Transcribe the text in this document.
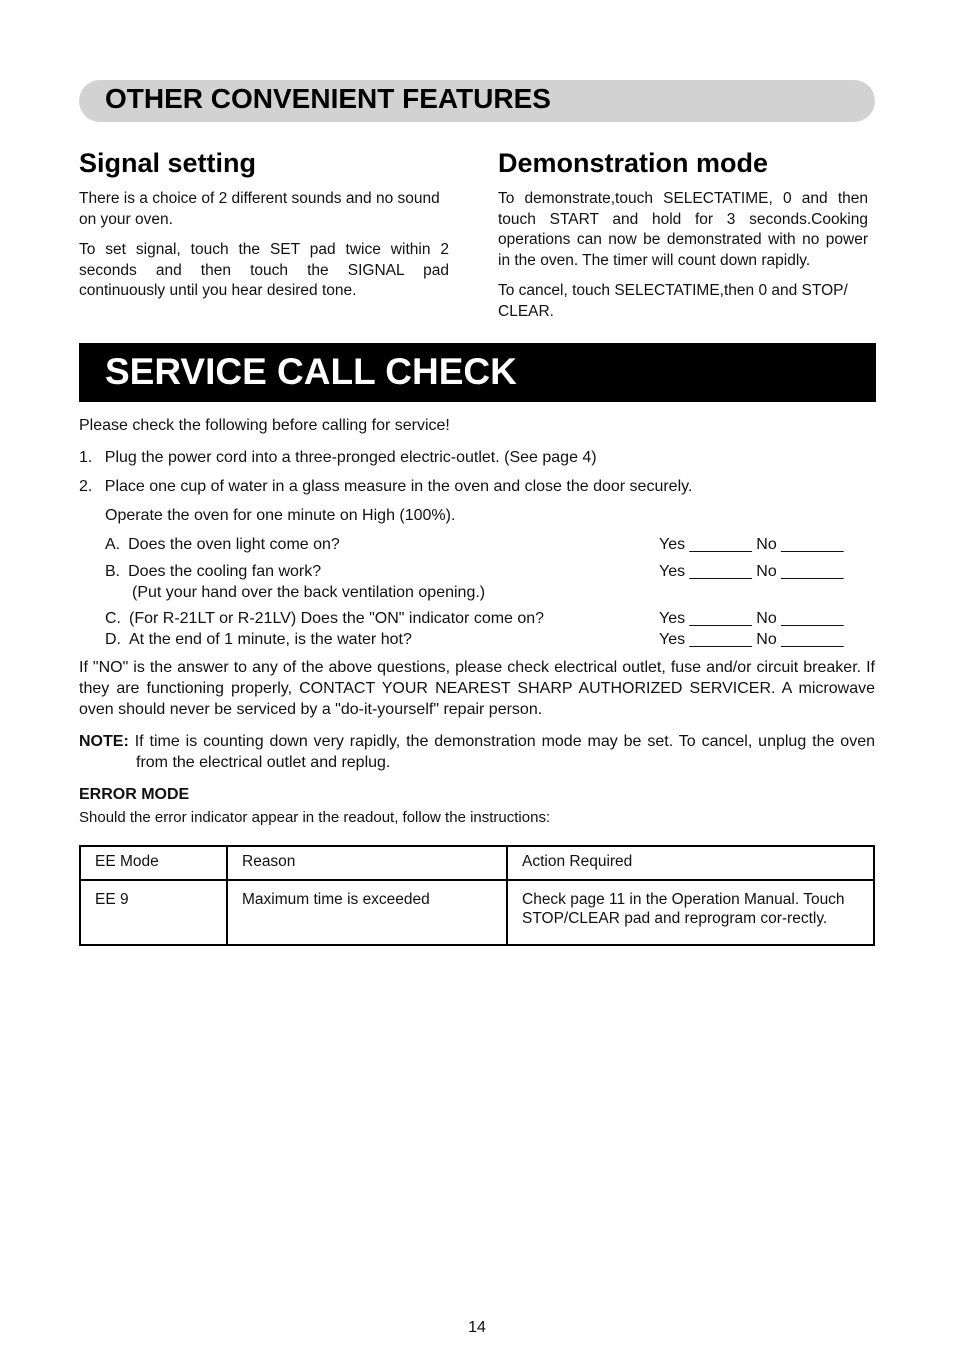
OTHER CONVENIENT FEATURES
Signal setting

There is a choice of 2 different sounds and no sound on your oven.

To set signal, touch the SET pad twice within 2 seconds and then touch the SIGNAL pad continuously until you hear desired tone.

Demonstration mode

To demonstrate,touch SELECTATIME, 0 and then touch START and hold for 3 seconds.Cooking operations can now be demonstrated with no power in the oven. The timer will count down rapidly.

To cancel, touch SELECTATIME,then 0 and STOP/ CLEAR.

SERVICE CALL CHECK
Please check the following before calling for service!
1.  Plug the power cord into a three-pronged electric-outlet. (See page 4)
2.  Place one cup of water in a glass measure in the oven and close the door securely.
Operate the oven for one minute on High (100%).
A. Does the oven light come on?	Yes _______ No _______
B. Does the cooling fan work?	Yes _______ No _______
(Put your hand over the back ventilation opening.)
C. (For R-21LT or R-21LV) Does the "ON" indicator come on?	Yes _______ No _______
D. At the end of 1 minute, is the water hot?	Yes _______ No _______
If "NO" is the answer to any of the above questions, please check electrical outlet, fuse and/or circuit breaker. If they are functioning properly, CONTACT YOUR NEAREST SHARP AUTHORIZED SERVICER. A microwave oven should never be serviced by a "do-it-yourself" repair person.
NOTE: If time is counting down very rapidly, the demonstration mode may be set. To cancel, unplug the oven from the electrical outlet and replug.
ERROR MODE
Should the error indicator appear in the readout, follow the instructions:
EE Mode	Reason	Action Required
EE 9	Maximum time is exceeded	Check page 11 in the Operation Manual. Touch STOP/CLEAR pad and reprogram cor-rectly.
14
